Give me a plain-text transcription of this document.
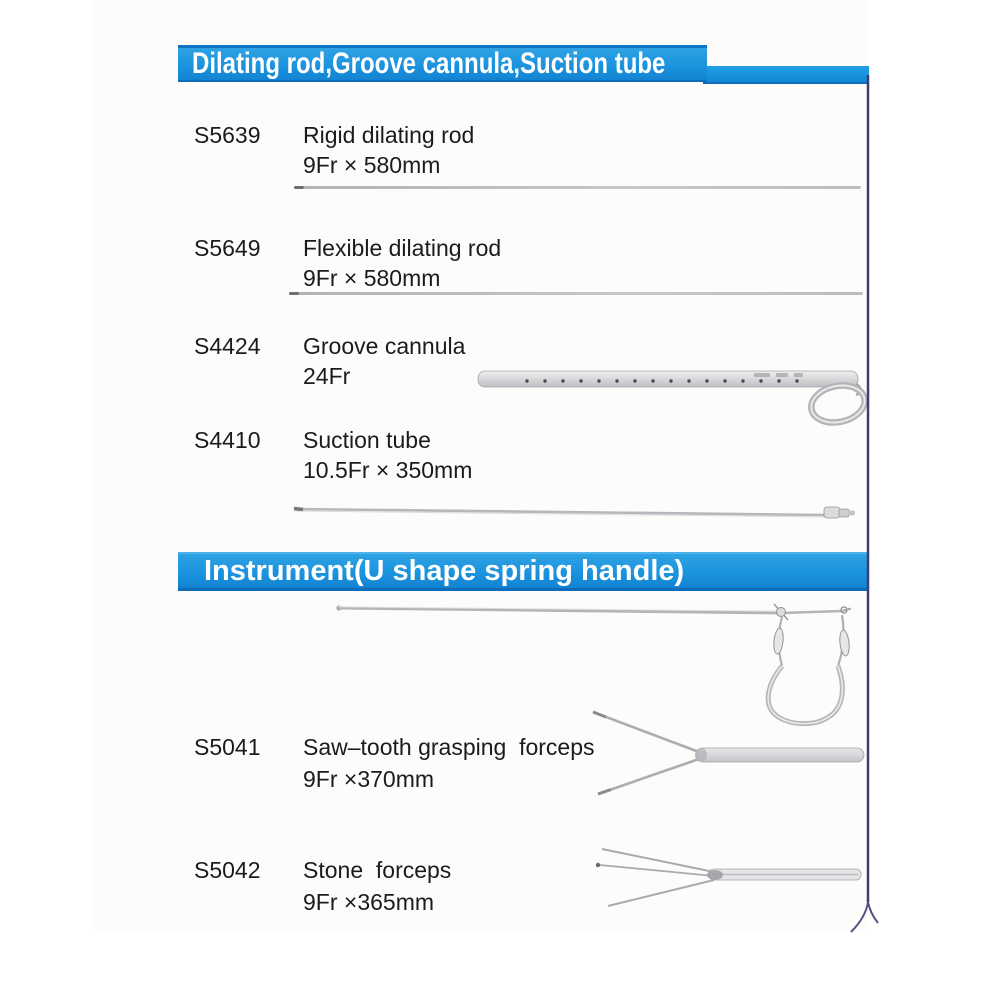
Dilating rod,Groove cannula,Suction tube
S5639 Rigid dilating rod
9Fr × 580mm
S5649 Flexible dilating rod
9Fr × 580mm
S4424 Groove cannula
24Fr
S4410 Suction tube
10.5Fr × 350mm
Instrument(U shape spring handle)
S5041 Saw–tooth grasping  forceps
9Fr ×370mm
S5042 Stone  forceps
9Fr ×365mm
